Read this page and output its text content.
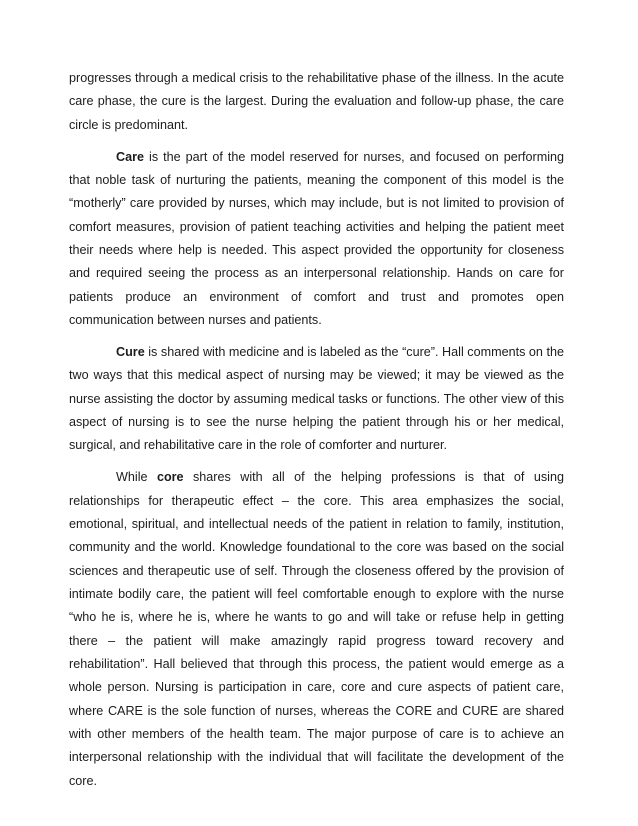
progresses through a medical crisis to the rehabilitative phase of the illness. In the acute care phase, the cure is the largest. During the evaluation and follow-up phase, the care circle is predominant.

Care is the part of the model reserved for nurses, and focused on performing that noble task of nurturing the patients, meaning the component of this model is the “motherly” care provided by nurses, which may include, but is not limited to provision of comfort measures, provision of patient teaching activities and helping the patient meet their needs where help is needed. This aspect provided the opportunity for closeness and required seeing the process as an interpersonal relationship. Hands on care for patients produce an environment of comfort and trust and promotes open communication between nurses and patients.

Cure is shared with medicine and is labeled as the “cure”. Hall comments on the two ways that this medical aspect of nursing may be viewed; it may be viewed as the nurse assisting the doctor by assuming medical tasks or functions. The other view of this aspect of nursing is to see the nurse helping the patient through his or her medical, surgical, and rehabilitative care in the role of comforter and nurturer.

While core shares with all of the helping professions is that of using relationships for therapeutic effect – the core. This area emphasizes the social, emotional, spiritual, and intellectual needs of the patient in relation to family, institution, community and the world. Knowledge foundational to the core was based on the social sciences and therapeutic use of self. Through the closeness offered by the provision of intimate bodily care, the patient will feel comfortable enough to explore with the nurse “who he is, where he is, where he wants to go and will take or refuse help in getting there – the patient will make amazingly rapid progress toward recovery and rehabilitation”. Hall believed that through this process, the patient would emerge as a whole person. Nursing is participation in care, core and cure aspects of patient care, where CARE is the sole function of nurses, whereas the CORE and CURE are shared with other members of the health team. The major purpose of care is to achieve an interpersonal relationship with the individual that will facilitate the development of the core.
